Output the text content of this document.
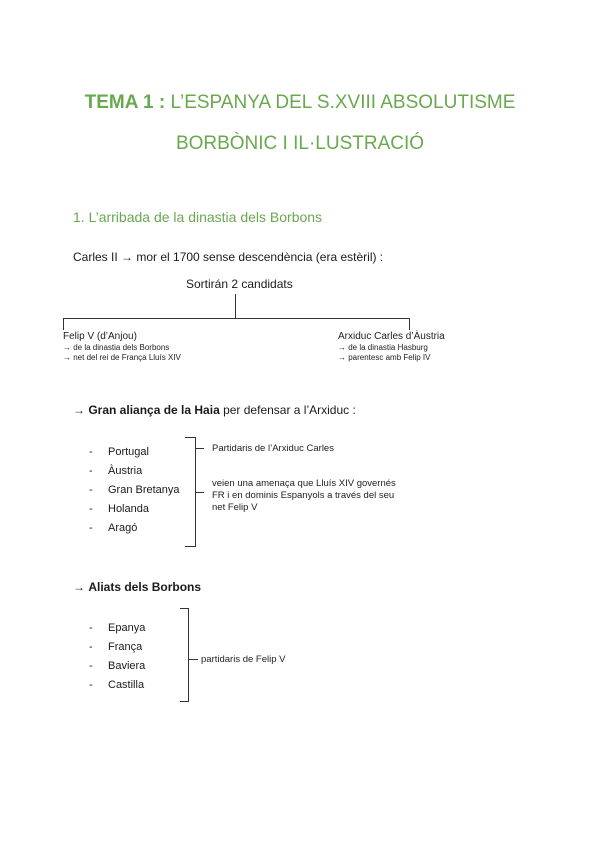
TEMA 1 : L’ESPANYA DEL S.XVIII ABSOLUTISME
BORBÒNIC I IL·LUSTRACIÓ
1. L’arribada de la dinastia dels Borbons
Carles II → mor el 1700 sense descendència (era estèril) :
Sortirán 2 candidats
Felip V (d’Anjou)
→ de la dinastia dels Borbons
→ net del rei de França Lluís XIV
Arxiduc Carles d’Àustria
→ de la dinastia Hasburg
→ parentesc amb Felip IV
→ Gran aliança de la Haia per defensar a l’Arxiduc :
- Portugal
- Àustria
- Gran Bretanya
- Holanda
- Aragó
Partidaris de l’Arxiduc Carles
veien una amenaça que Lluís XIV governés
FR i en dominis Espanyols a través del seu
net Felip V
→ Aliats dels Borbons
- Epanya
- França
- Baviera
- Castilla
partidaris de Felip V
